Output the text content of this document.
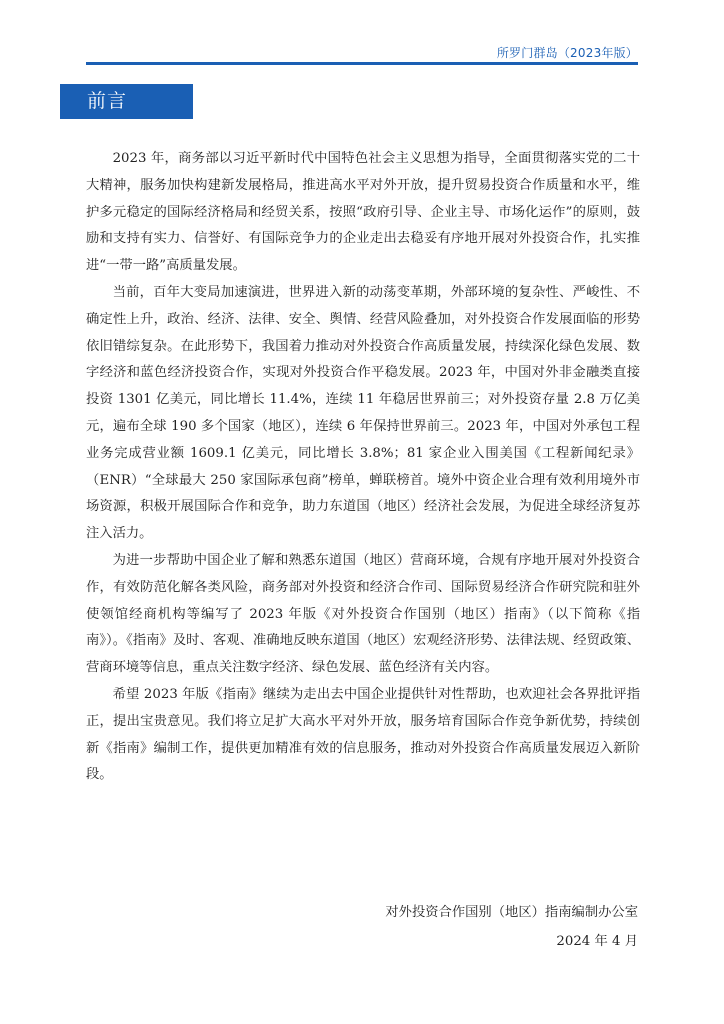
所罗门群岛（2023年版）
前言

2023 年，商务部以习近平新时代中国特色社会主义思想为指导，全面贯彻落实党的二十大精神，服务加快构建新发展格局，推进高水平对外开放，提升贸易投资合作质量和水平，维护多元稳定的国际经济格局和经贸关系，按照“政府引导、企业主导、市场化运作”的原则，鼓励和支持有实力、信誉好、有国际竞争力的企业走出去稳妥有序地开展对外投资合作，扎实推进“一带一路”高质量发展。

当前，百年大变局加速演进，世界进入新的动荡变革期，外部环境的复杂性、严峻性、不确定性上升，政治、经济、法律、安全、舆情、经营风险叠加，对外投资合作发展面临的形势依旧错综复杂。在此形势下，我国着力推动对外投资合作高质量发展，持续深化绿色发展、数字经济和蓝色经济投资合作，实现对外投资合作平稳发展。2023 年，中国对外非金融类直接投资 1301 亿美元，同比增长 11.4%，连续 11 年稳居世界前三；对外投资存量 2.8 万亿美元，遍布全球 190 多个国家（地区），连续 6 年保持世界前三。2023 年，中国对外承包工程业务完成营业额 1609.1 亿美元，同比增长 3.8%；81 家企业入围美国《工程新闻纪录》（ENR）“全球最大 250 家国际承包商”榜单，蝉联榜首。境外中资企业合理有效利用境外市场资源，积极开展国际合作和竞争，助力东道国（地区）经济社会发展，为促进全球经济复苏注入活力。

为进一步帮助中国企业了解和熟悉东道国（地区）营商环境，合规有序地开展对外投资合作，有效防范化解各类风险，商务部对外投资和经济合作司、国际贸易经济合作研究院和驻外使领馆经商机构等编写了 2023 年版《对外投资合作国别（地区）指南》（以下简称《指南》）。《指南》及时、客观、准确地反映东道国（地区）宏观经济形势、法律法规、经贸政策、营商环境等信息，重点关注数字经济、绿色发展、蓝色经济有关内容。

希望 2023 年版《指南》继续为走出去中国企业提供针对性帮助，也欢迎社会各界批评指正，提出宝贵意见。我们将立足扩大高水平对外开放，服务培育国际合作竞争新优势，持续创新《指南》编制工作，提供更加精准有效的信息服务，推动对外投资合作高质量发展迈入新阶段。

对外投资合作国别（地区）指南编制办公室
2024 年 4 月
